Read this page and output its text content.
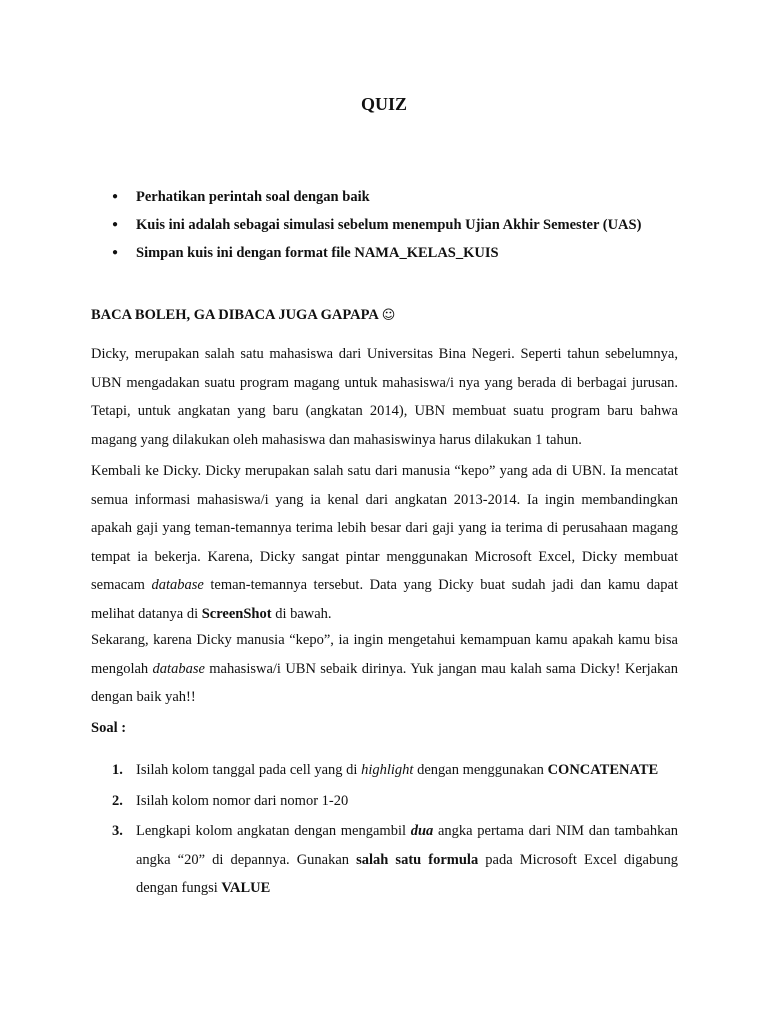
QUIZ
● Perhatikan perintah soal dengan baik
● Kuis ini adalah sebagai simulasi sebelum menempuh Ujian Akhir Semester (UAS)
● Simpan kuis ini dengan format file NAMA_KELAS_KUIS
BACA BOLEH, GA DIBACA JUGA GAPAPA ☺

Dicky, merupakan salah satu mahasiswa dari Universitas Bina Negeri. Seperti tahun sebelumnya, UBN mengadakan suatu program magang untuk mahasiswa/i nya yang berada di berbagai jurusan. Tetapi, untuk angkatan yang baru (angkatan 2014), UBN membuat suatu program baru bahwa magang yang dilakukan oleh mahasiswa dan mahasiswinya harus dilakukan 1 tahun.

Kembali ke Dicky. Dicky merupakan salah satu dari manusia “kepo” yang ada di UBN. Ia mencatat semua informasi mahasiswa/i yang ia kenal dari angkatan 2013-2014. Ia ingin membandingkan apakah gaji yang teman-temannya terima lebih besar dari gaji yang ia terima di perusahaan magang tempat ia bekerja. Karena, Dicky sangat pintar menggunakan Microsoft Excel, Dicky membuat semacam database teman-temannya tersebut. Data yang Dicky buat sudah jadi dan kamu dapat melihat datanya di ScreenShot di bawah.

Sekarang, karena Dicky manusia “kepo”, ia ingin mengetahui kemampuan kamu apakah kamu bisa mengolah database mahasiswa/i UBN sebaik dirinya. Yuk jangan mau kalah sama Dicky! Kerjakan dengan baik yah!!

Soal :
1. Isilah kolom tanggal pada cell yang di highlight dengan menggunakan CONCATENATE
2. Isilah kolom nomor dari nomor 1-20
3. Lengkapi kolom angkatan dengan mengambil dua angka pertama dari NIM dan tambahkan angka “20” di depannya. Gunakan salah satu formula pada Microsoft Excel digabung dengan fungsi VALUE
